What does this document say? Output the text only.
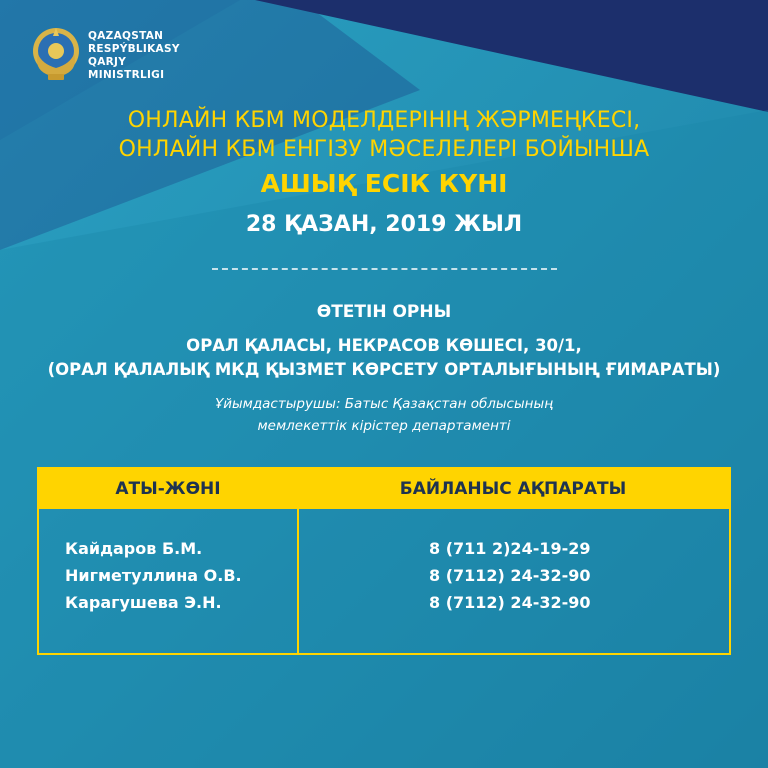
QAZAQSTAN
RESPÝBLIKASY
QARJY
MINISTRLIGI
ОНЛАЙН КБМ МОДЕЛДЕРІНІҢ ЖӘРМЕҢКЕСІ,
ОНЛАЙН КБМ ЕНГІЗУ МӘСЕЛЕЛЕРІ БОЙЫНША
АШЫҚ ЕСІК КҮНІ
28 ҚАЗАН, 2019 ЖЫЛ
ӨТЕТІН ОРНЫ
ОРАЛ ҚАЛАСЫ, НЕКРАСОВ КӨШЕСІ, 30/1,
(ОРАЛ ҚАЛАЛЫҚ МКД ҚЫЗМЕТ КӨРСЕТУ ОРТАЛЫҒЫНЫҢ ҒИМАРАТЫ)
Ұйымдастырушы: Батыс Қазақстан облысының
мемлекеттік кірістер департаменті
АТЫ-ЖӨНІ	БАЙЛАНЫС АҚПАРАТЫ
Кайдаров Б.М.
Нигметуллина О.В.
Карагушева Э.Н.
8 (711 2)24-19-29
8 (7112) 24-32-90
8 (7112) 24-32-90
